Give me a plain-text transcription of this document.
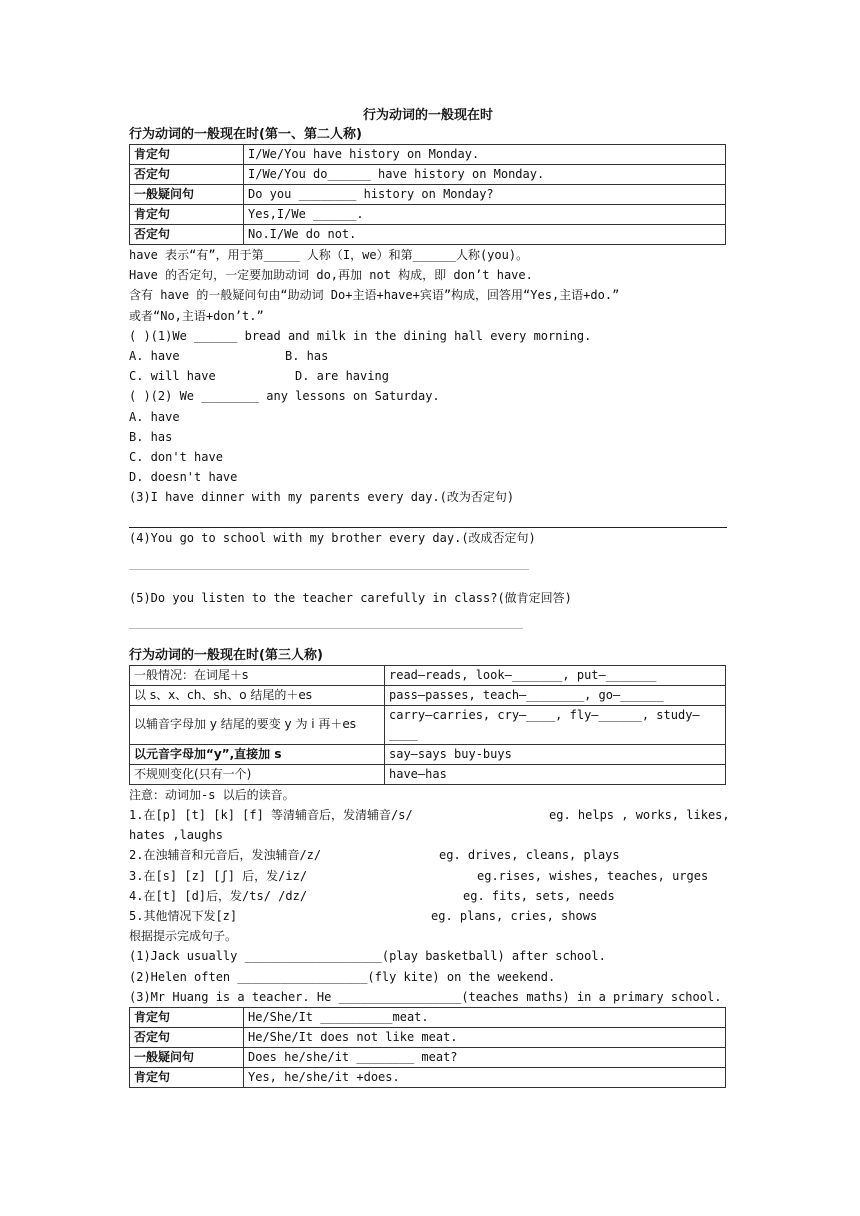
行为动词的一般现在时
行为动词的一般现在时(第一、第二人称)
肯定句	I/We/You have history on Monday.
否定句	I/We/You do______ have history on Monday.
一般疑问句	Do you ________ history on Monday?
肯定句	Yes,I/We ______.
否定句	No.I/We do not.
have 表示“有”，用于第_____ 人称（I，we）和第______人称(you)。
Have 的否定句，一定要加助动词 do,再加 not 构成，即 don’t have.
含有 have 的一般疑问句由“助动词 Do+主语+have+宾语”构成，回答用“Yes,主语+do.”
或者“No,主语+don’t.”
( )(1)We ______ bread and milk in the dining hall every morning.
A. have	B. has
C. will have	D. are having
( )(2) We ________ any lessons on Saturday.
A. have
B. has
C. don't have
D. doesn't have
(3)I have dinner with my parents every day.(改为否定句)
(4)You go to school with my brother every day.(改成否定句)
(5)Do you listen to the teacher carefully in class?(做肯定回答)
行为动词的一般现在时(第三人称)
一般情况：在词尾＋s	read—reads, look—_______, put—_______
以 s、x、ch、sh、o 结尾的＋es	pass—passes, teach—________, go—______
以辅音字母加 y 结尾的要变 y 为 i 再＋es	carry—carries, cry—____, fly—______, study—____
以元音字母加“y”,直接加 s	say—says buy-buys
不规则变化(只有一个)	have—has
注意：动词加-s 以后的读音。
1.在[p] [t] [k] [f] 等清辅音后，发清辅音/s/	eg. helps , works, likes,
hates ,laughs
2.在浊辅音和元音后，发浊辅音/z/	eg. drives, cleans, plays
3.在[s] [z] [ʃ] 后，发/iz/	eg.rises, wishes, teaches, urges
4.在[t] [d]后，发/ts/ /dz/	eg. fits, sets, needs
5.其他情况下发[z]	eg. plans, cries, shows
根据提示完成句子。
(1)Jack usually ___________________(play basketball) after school.
(2)Helen often __________________(fly kite) on the weekend.
(3)Mr Huang is a teacher. He _________________(teaches maths) in a primary school.
肯定句	He/She/It __________meat.
否定句	He/She/It does not like meat.
一般疑问句	Does he/she/it ________ meat?
肯定句	Yes, he/she/it +does.
